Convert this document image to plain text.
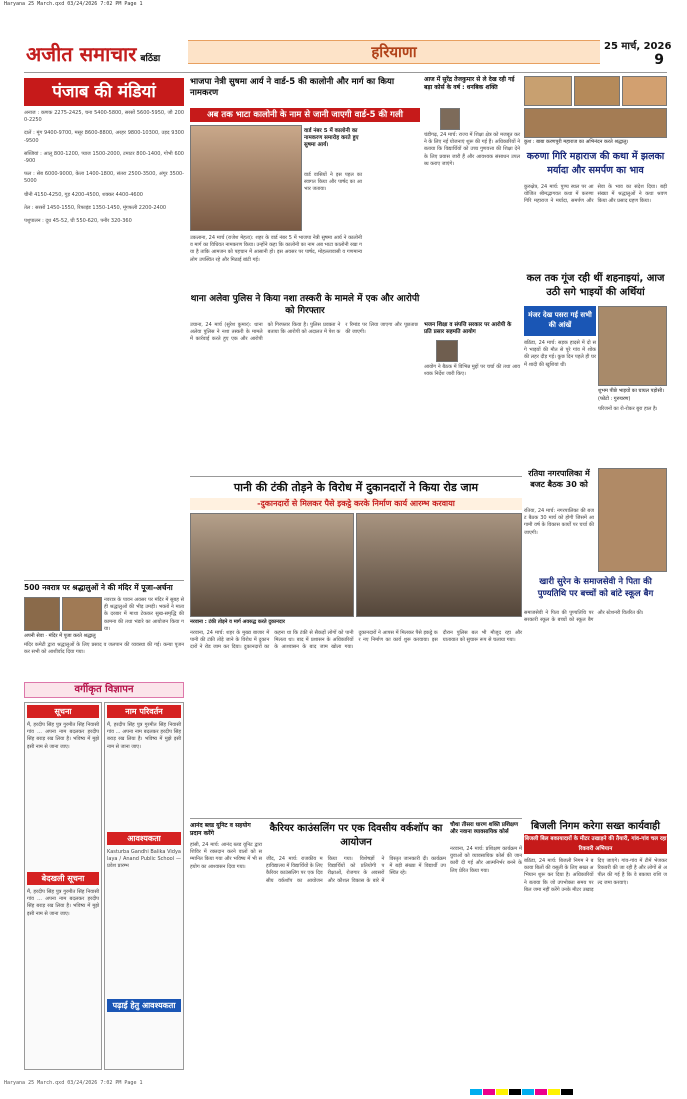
Haryana 25 March.qxd 03/24/2026 7:02 PM Page 1
अजीत समाचार बठिंडा	हरियाणा	25 मार्च, 2026
9
पंजाब की मंडियां

अनाज : कणक 2275-2425, चना 5400-5800, सरसों 5600-5950, जौ 2000-2250

दालें : मूंग 9400-9700, मसूर 8600-8800, अरहर 9800-10300, उड़द 9300-9500

सब्जियां : आलू 800-1200, प्याज 1500-2000, टमाटर 800-1400, गोभी 600-900

फल : सेब 6000-9000, केला 1400-1800, संतरा 2500-3500, अंगूर 3500-5000

चीनी 4150-4250, गुड़ 4200-4500, शक्कर 4400-4600

तेल : सरसों 1450-1550, रिफाइंड 1350-1450, मूंगफली 2200-2400

पशुपालन : दूध 45-52, घी 550-620, पनीर 320-360

500 नवरात्र पर श्रद्धालुओं ने की मंदिर में पूजा-अर्चना
अपनी सेवा · मंदिर में पूजा करते श्रद्धालु
नवरात्र के पावन अवसर पर मंदिर में सुबह से ही श्रद्धालुओं की भीड़ उमड़ी। भक्तों ने माता के दरबार में माथा टेककर सुख-समृद्धि की कामना की तथा भंडारे का आयोजन किया गया।
मंदिर कमेटी द्वारा श्रद्धालुओं के लिए प्रसाद व जलपान की व्यवस्था की गई। कन्या पूजन कर सभी को आशीर्वाद दिया गया।
वर्गीकृत विज्ञापन
सूचना
मैं, हरदीप सिंह पुत्र गुरमीत सिंह निवासी गांव ... अपना नाम बदलकर हरदीप सिंह बराड़ रख लिया है। भविष्य में मुझे इसी नाम से जाना जाए।
बेदखली सूचना
मैं, हरदीप सिंह पुत्र गुरमीत सिंह निवासी गांव ... अपना नाम बदलकर हरदीप सिंह बराड़ रख लिया है। भविष्य में मुझे इसी नाम से जाना जाए।
नाम परिवर्तन
मैं, हरदीप सिंह पुत्र गुरमीत सिंह निवासी गांव ... अपना नाम बदलकर हरदीप सिंह बराड़ रख लिया है। भविष्य में मुझे इसी नाम से जाना जाए।
आवश्यकता
Kasturba Gandhi Balika Vidyalaya / Anand Public School — प्रवेश प्रारम्भ
पढ़ाई हेतु आवश्यकता
भाजपा नेत्री सुषमा आर्य ने वार्ड-5 की कालोनी और मार्ग का किया नामकरण
अब तक भाटा कालोनी के नाम से जानी जाएगी वार्ड-5 की गली
वार्ड नंबर 5 में कालोनी का नामकरण समारोह करते हुए सुषमा आर्य।
उकलाना, 24 मार्च (राजेश मेहता): शहर के वार्ड नंबर 5 में भाजपा नेत्री सुषमा आर्य ने कालोनी व मार्ग का विधिवत नामकरण किया। उन्होंने कहा कि कालोनी का नाम अब भाटा कालोनी रखा गया है ताकि आमजन को पहचान में आसानी हो। इस अवसर पर पार्षद, मोहल्लावासी व गणमान्य लोग उपस्थित रहे और मिठाई बांटी गई।
वार्ड वासियों ने इस पहल का स्वागत किया और पार्षद का आभार जताया।
थाना अलेवा पुलिस ने किया नशा तस्करी के मामले में एक और आरोपी को गिरफ्तार
उचाना, 24 मार्च (सुरेश कुमार): थाना अलेवा पुलिस ने नशा तस्करी के मामले में कार्रवाई करते हुए एक और आरोपी को गिरफ्तार किया है। पुलिस प्रवक्ता ने बताया कि आरोपी को अदालत में पेश कर रिमांड पर लिया जाएगा और पूछताछ की जाएगी।
आज में सुरेंद्र तेजकुमार से ले देख रही गई बड़ा कोर्स के वर्ष : धनबिक शक्ति
चंडीगढ़, 24 मार्च: राज्य में शिक्षा क्षेत्र को मजबूत करने के लिए नई योजनाएं शुरू की गई हैं। अधिकारियों ने बताया कि विद्यार्थियों को उच्च गुणवत्ता की शिक्षा देने के लिए प्रयास जारी हैं और आवश्यक संसाधन उपलब्ध कराए जाएंगे।
भजन शिक्षा व संपत्ति सरकार पर आरोपी के प्रति प्रसार सहमति आयोग
आयोग ने बैठक में विभिन्न मुद्दों पर चर्चा की तथा आवश्यक निर्देश जारी किए।
पानी की टंकी तोड़ने के विरोध में दुकानदारों ने किया रोड जाम
-दुकानदारों से मिलकर पैसे इकट्ठे करके निर्माण कार्य आरम्भ करवाया
नरवाना : टंकी तोड़ने व मार्ग अवरुद्ध करते दुकानदार
नरवाना, 24 मार्च: शहर के मुख्य बाजार में पानी की टंकी तोड़े जाने के विरोध में दुकानदारों ने रोड जाम कर दिया। दुकानदारों का कहना था कि टंकी से सैकड़ों लोगों को पानी मिलता था। बाद में प्रशासन के अधिकारियों के आश्वासन के बाद जाम खोला गया। दुकानदारों ने आपस में मिलकर पैसे इकट्ठे कर नए निर्माण का कार्य शुरू करवाया। इस दौरान पुलिस बल भी मौजूद रहा और यातायात को सुचारू रूप से चलाया गया।
आनंद ब्लड यूनिट व सहयोग प्रदान करेंगे
हांसी, 24 मार्च: आनंद ब्लड यूनिट द्वारा शिविर में रक्तदान करने वालों को सम्मानित किया गया और भविष्य में भी सहयोग का आश्वासन दिया गया।
कैरियर काउंसलिंग पर एक दिवसीय वर्कशॉप का आयोजन
जींद, 24 मार्च: राजकीय महाविद्यालय में विद्यार्थियों के लिए कैरियर काउंसलिंग पर एक दिवसीय वर्कशॉप का आयोजन किया गया। विशेषज्ञों ने विद्यार्थियों को प्रतियोगी परीक्षाओं, रोजगार के अवसरों और कौशल विकास के बारे में विस्तृत जानकारी दी। कार्यक्रम में बड़ी संख्या में विद्यार्थी उपस्थित रहे।
चौथा तीसरा धारण शक्ति प्रशिक्षण और नवाना व्यावसायिक कोर्स
नरवाना, 24 मार्च: प्रशिक्षण कार्यक्रम में युवाओं को व्यावसायिक कोर्स की जानकारी दी गई और आत्मनिर्भर बनने के लिए प्रेरित किया गया।
कुश : बाबा करणपुरी महाराज का अभिनंदन करते श्रद्धालु।
करुणा गिरि महाराज की कथा में झलका मर्यादा और समर्पण का भाव
कुरुक्षेत्र, 24 मार्च: पुण्य स्थल पर आयोजित श्रीमद्भागवत कथा में करुणा गिरि महाराज ने मर्यादा, समर्पण और सेवा के भाव का संदेश दिया। बड़ी संख्या में श्रद्धालुओं ने कथा श्रवण किया और प्रसाद ग्रहण किया।
कल तक गूंज रही थीं शहनाइयां, आज उठी सगे भाइयों की अर्थियां
मंजर देख पसरा गई सभी की आंखें
बठिंडा, 24 मार्च: सड़क हादसे में दो सगे भाइयों की मौत से पूरे गांव में शोक की लहर दौड़ गई। कुछ दिन पहले ही घर में शादी की खुशियां थीं।
शुभम पीछे भाइयों का घायल पड़ोसी।
(फोटो : गुरुचरण)
परिजनों का रो-रोकर बुरा हाल है।
रतिया नगरपालिका में बजट बैठक 30 को
रतिया, 24 मार्च: नगरपालिका की बजट बैठक 30 मार्च को होगी जिसमें आगामी वर्ष के विकास कार्यों पर चर्चा की जाएगी।
खारी सुरेन के समाजसेवी ने पिता की पुण्यतिथि पर बच्चों को बांटे स्कूल बैग
समाजसेवी ने पिता की पुण्यतिथि पर सरकारी स्कूल के बच्चों को स्कूल बैग और स्टेशनरी वितरित की।
बिजली निगम करेगा सख्त कार्यवाही
बिजली बिल बकायादारों के मीटर उखाड़ने की तैयारी, गांव-गांव चल रहा रिकवरी अभियान
बठिंडा, 24 मार्च: बिजली निगम ने बकाया बिलों की वसूली के लिए सख्त अभियान शुरू कर दिया है। अधिकारियों ने बताया कि जो उपभोक्ता समय पर बिल जमा नहीं करेंगे उनके मीटर उखाड़ दिए जाएंगे। गांव-गांव में टीमें भेजकर रिकवरी की जा रही है और लोगों से अपील की गई है कि वे बकाया राशि जल्द जमा करवाएं।
Haryana 25 March.qxd 03/24/2026 7:02 PM Page 1
